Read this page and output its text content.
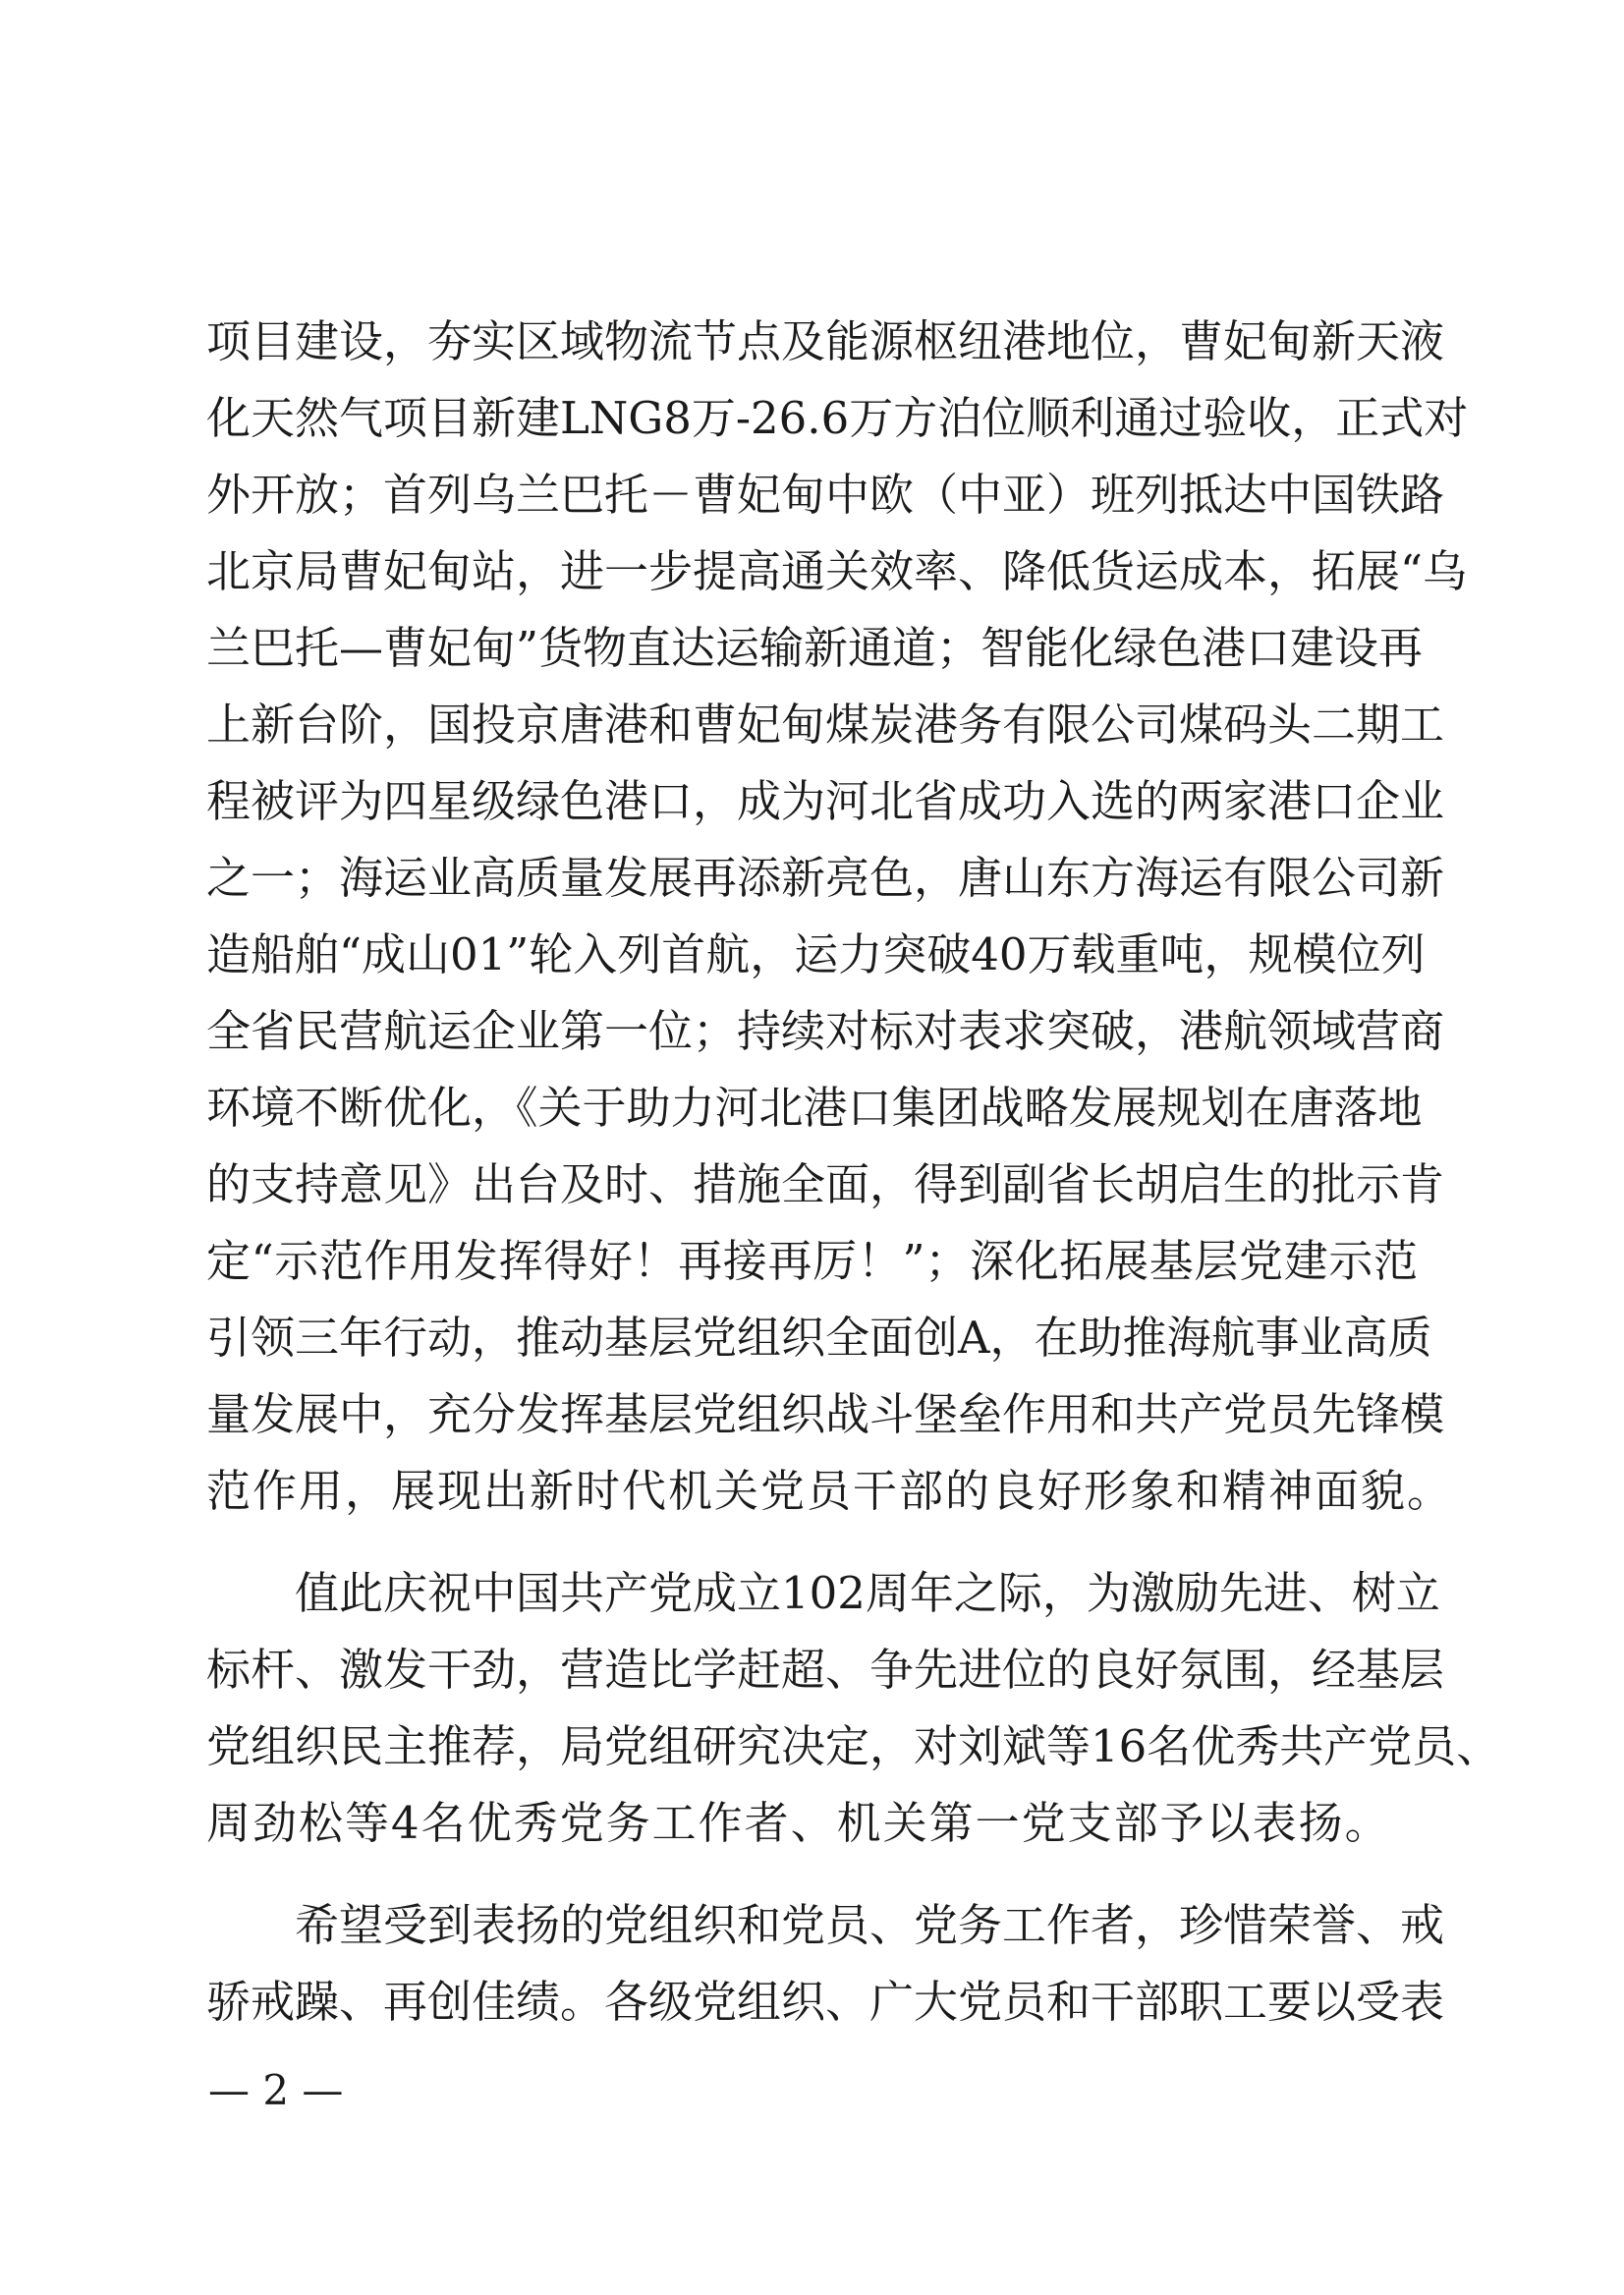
项目建设，夯实区域物流节点及能源枢纽港地位，曹妃甸新天液
化天然气项目新建LNG8万-26.6万方泊位顺利通过验收，正式对
外开放；首列乌兰巴托－曹妃甸中欧（中亚）班列抵达中国铁路
北京局曹妃甸站，进一步提高通关效率、降低货运成本，拓展“乌
兰巴托—曹妃甸”货物直达运输新通道；智能化绿色港口建设再
上新台阶，国投京唐港和曹妃甸煤炭港务有限公司煤码头二期工
程被评为四星级绿色港口，成为河北省成功入选的两家港口企业
之一；海运业高质量发展再添新亮色，唐山东方海运有限公司新
造船舶“成山01”轮入列首航，运力突破40万载重吨，规模位列
全省民营航运企业第一位；持续对标对表求突破，港航领域营商
环境不断优化，《关于助力河北港口集团战略发展规划在唐落地
的支持意见》出台及时、措施全面，得到副省长胡启生的批示肯
定“示范作用发挥得好！再接再厉！”；深化拓展基层党建示范
引领三年行动，推动基层党组织全面创A，在助推海航事业高质
量发展中，充分发挥基层党组织战斗堡垒作用和共产党员先锋模
范作用，展现出新时代机关党员干部的良好形象和精神面貌。
值此庆祝中国共产党成立102周年之际，为激励先进、树立
标杆、激发干劲，营造比学赶超、争先进位的良好氛围，经基层
党组织民主推荐，局党组研究决定，对刘斌等16名优秀共产党员、
周劲松等4名优秀党务工作者、机关第一党支部予以表扬。
希望受到表扬的党组织和党员、党务工作者，珍惜荣誉、戒
骄戒躁、再创佳绩。各级党组织、广大党员和干部职工要以受表
— 2 —
